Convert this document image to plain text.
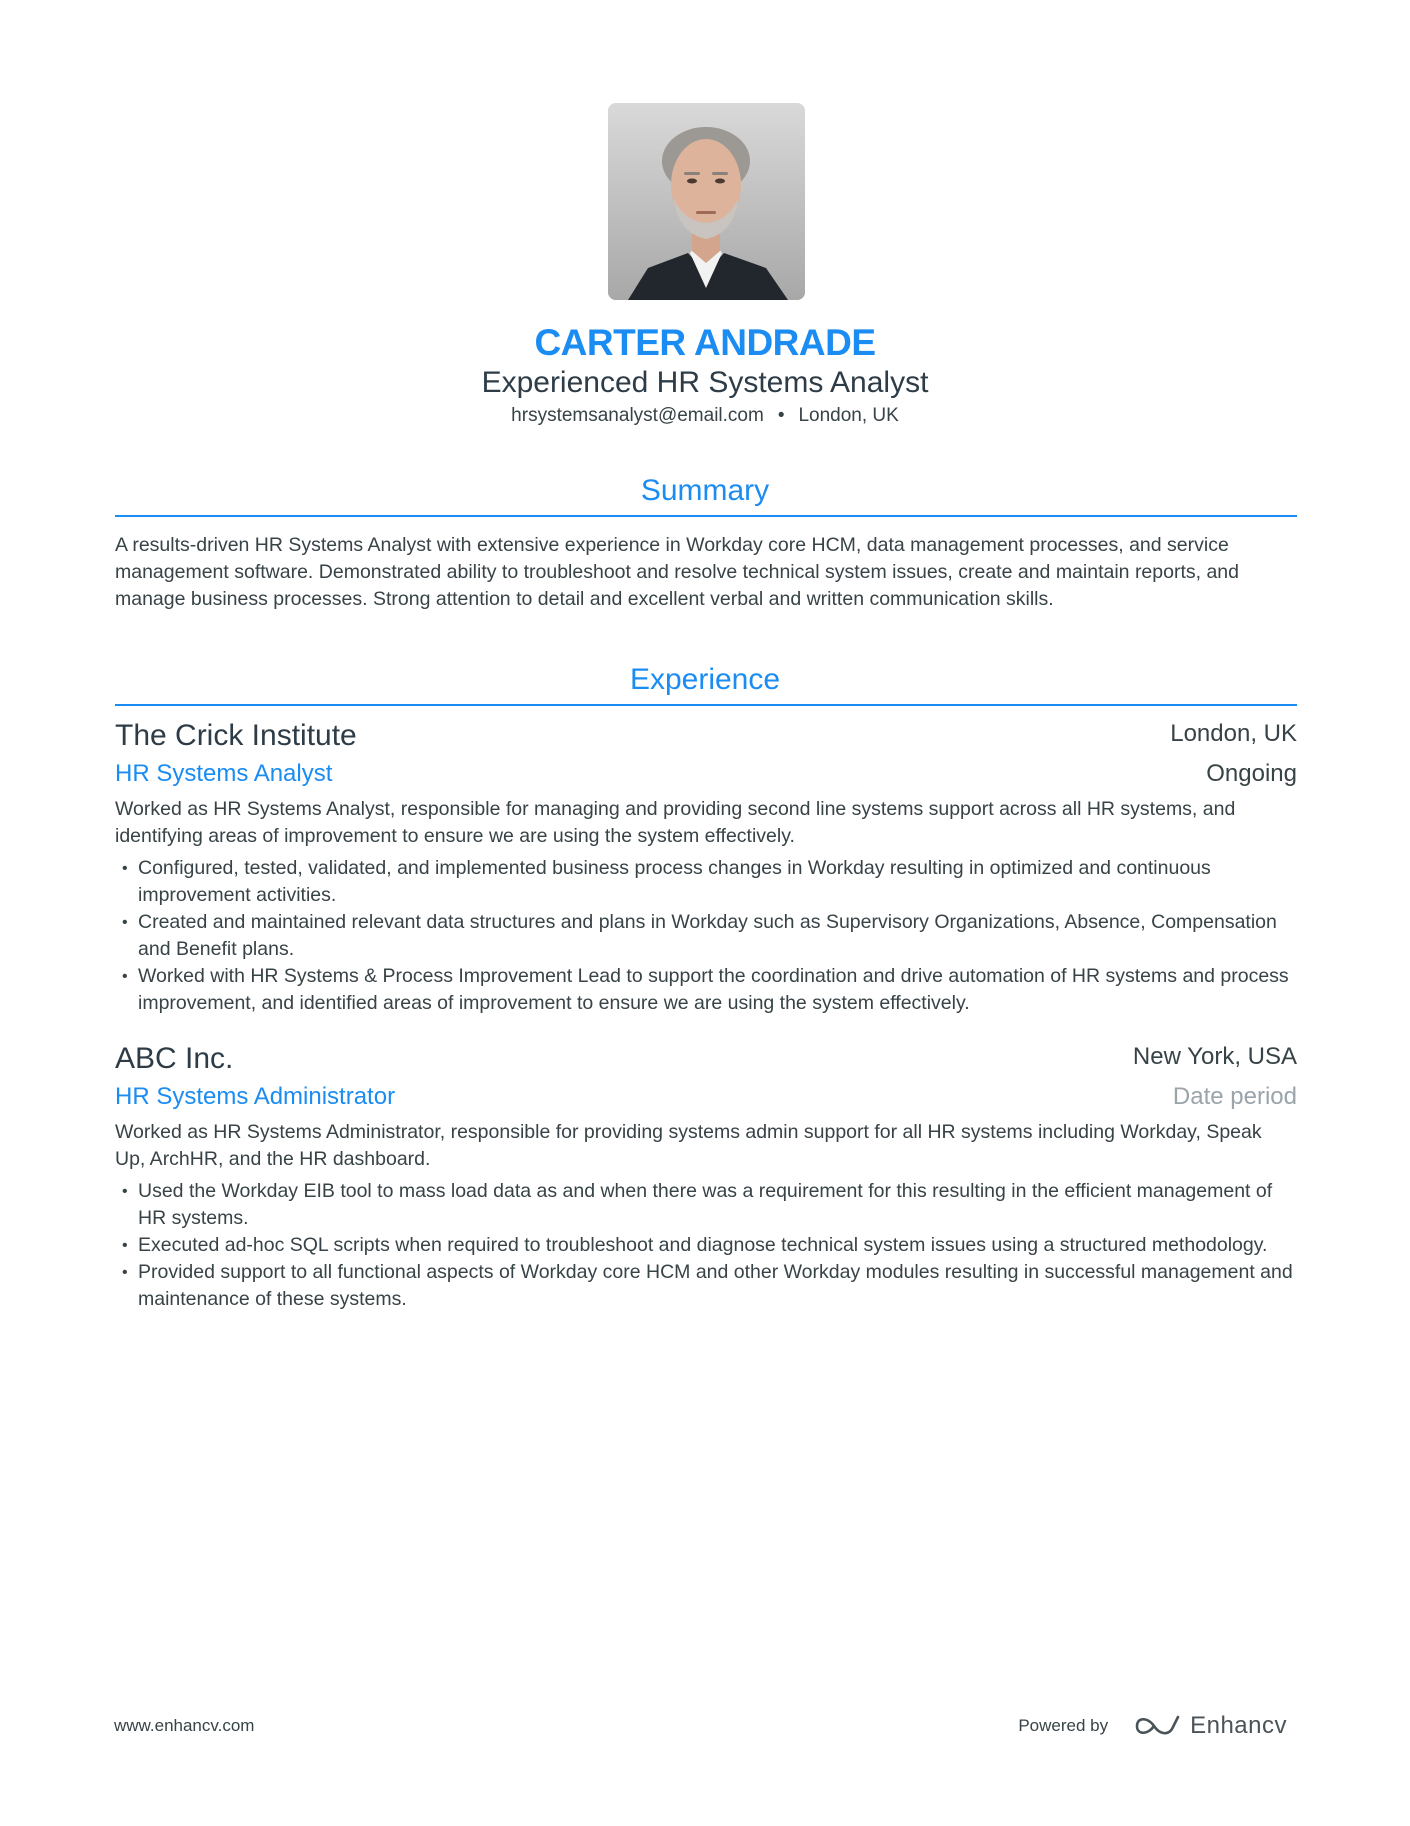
CARTER ANDRADE
Experienced HR Systems Analyst
hrsystemsanalyst@email.com • London, UK
Summary
A results-driven HR Systems Analyst with extensive experience in Workday core HCM, data management processes, and service management software. Demonstrated ability to troubleshoot and resolve technical system issues, create and maintain reports, and manage business processes. Strong attention to detail and excellent verbal and written communication skills.
Experience
The Crick Institute	London, UK
HR Systems Analyst	Ongoing
Worked as HR Systems Analyst, responsible for managing and providing second line systems support across all HR systems, and identifying areas of improvement to ensure we are using the system effectively.
• Configured, tested, validated, and implemented business process changes in Workday resulting in optimized and continuous improvement activities.
• Created and maintained relevant data structures and plans in Workday such as Supervisory Organizations, Absence, Compensation and Benefit plans.
• Worked with HR Systems & Process Improvement Lead to support the coordination and drive automation of HR systems and process improvement, and identified areas of improvement to ensure we are using the system effectively.
ABC Inc.	New York, USA
HR Systems Administrator	Date period
Worked as HR Systems Administrator, responsible for providing systems admin support for all HR systems including Workday, Speak Up, ArchHR, and the HR dashboard.
• Used the Workday EIB tool to mass load data as and when there was a requirement for this resulting in the efficient management of HR systems.
• Executed ad-hoc SQL scripts when required to troubleshoot and diagnose technical system issues using a structured methodology.
• Provided support to all functional aspects of Workday core HCM and other Workday modules resulting in successful management and maintenance of these systems.
www.enhancv.com	Powered by	Enhancv
